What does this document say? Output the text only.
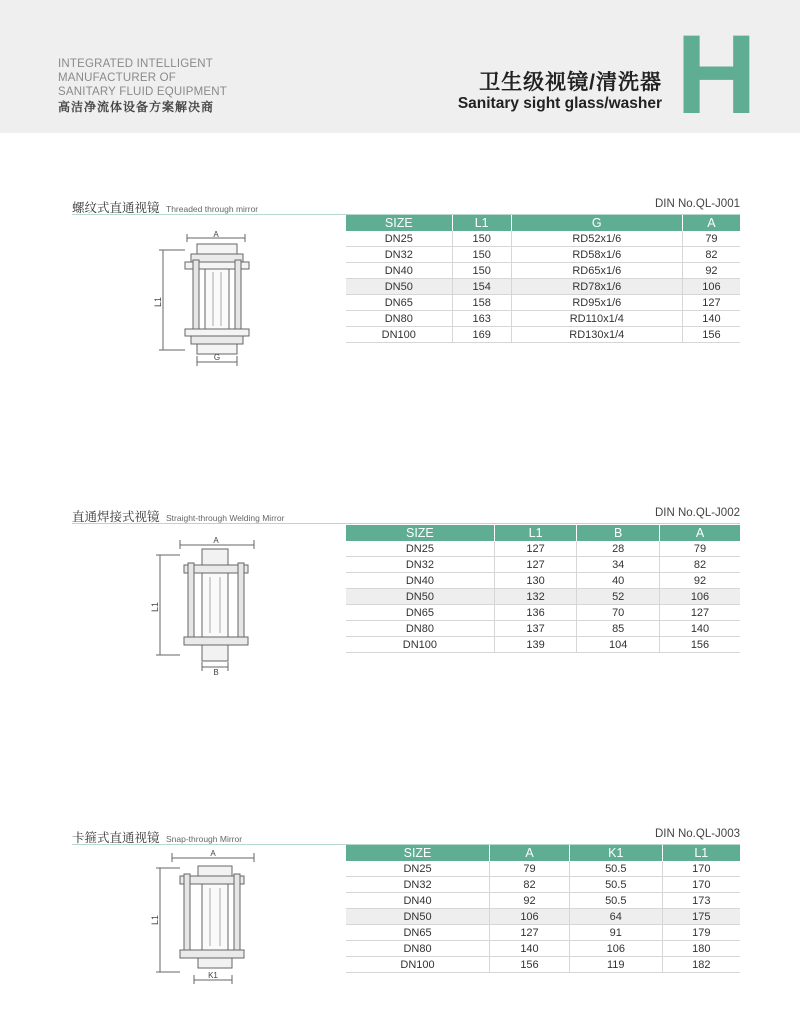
INTEGRATED INTELLIGENT
MANUFACTURER OF
SANITARY FLUID EQUIPMENT
高洁净流体设备方案解决商
卫生级视镜/清洗器
Sanitary sight glass/washer H
螺纹式直通视镜 Threaded through mirror	DIN No.QL-J001
A
L1
G
SIZE	L1	G	A
DN25	150	RD52x1/6	79
DN32	150	RD58x1/6	82
DN40	150	RD65x1/6	92
DN50	154	RD78x1/6	106
DN65	158	RD95x1/6	127
DN80	163	RD110x1/4	140
DN100	169	RD130x1/4	156
直通焊接式视镜 Straight-through Welding Mirror	DIN No.QL-J002
A
L1
B
SIZE	L1	B	A
DN25	127	28	79
DN32	127	34	82
DN40	130	40	92
DN50	132	52	106
DN65	136	70	127
DN80	137	85	140
DN100	139	104	156
卡箍式直通视镜 Snap-through Mirror	DIN No.QL-J003
A
L1
K1
SIZE	A	K1	L1
DN25	79	50.5	170
DN32	82	50.5	170
DN40	92	50.5	173
DN50	106	64	175
DN65	127	91	179
DN80	140	106	180
DN100	156	119	182
